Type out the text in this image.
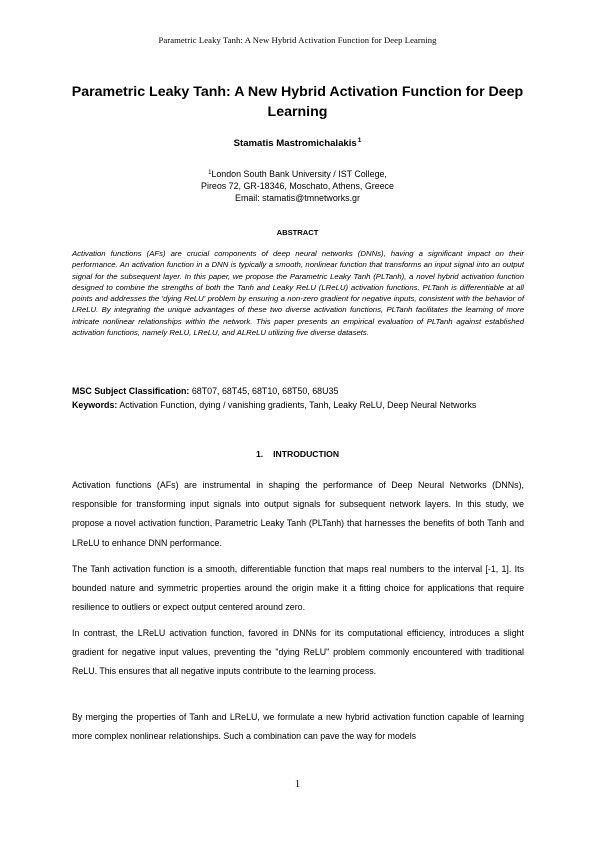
Parametric Leaky Tanh: A New Hybrid Activation Function for Deep Learning
Parametric Leaky Tanh: A New Hybrid Activation Function for Deep Learning
Stamatis Mastromichalakis$^1$
$^1$London South Bank University / IST College,
Pireos 72, GR-18346, Moschato, Athens, Greece
Email: stamatis@tmnetworks.gr
ABSTRACT

Activation functions (AFs) are crucial components of deep neural networks (DNNs), having a significant impact on their performance. An activation function in a DNN is typically a smooth, nonlinear function that transforms an input signal into an output signal for the subsequent layer. In this paper, we propose the Parametric Leaky Tanh (PLTanh), a novel hybrid activation function designed to combine the strengths of both the Tanh and Leaky ReLU (LReLU) activation functions. PLTanh is differentiable at all points and addresses the 'dying ReLU' problem by ensuring a non-zero gradient for negative inputs, consistent with the behavior of LReLU. By integrating the unique advantages of these two diverse activation functions, PLTanh facilitates the learning of more intricate nonlinear relationships within the network. This paper presents an empirical evaluation of PLTanh against established activation functions, namely ReLU, LReLU, and ALReLU utilizing five diverse datasets.

MSC Subject Classification: 68T07, 68T45, 68T10, 68T50, 68U35
Keywords: Activation Function, dying / vanishing gradients, Tanh, Leaky ReLU, Deep Neural Networks
1. INTRODUCTION

Activation functions (AFs) are instrumental in shaping the performance of Deep Neural Networks (DNNs), responsible for transforming input signals into output signals for subsequent network layers. In this study, we propose a novel activation function, Parametric Leaky Tanh (PLTanh) that harnesses the benefits of both Tanh and LReLU to enhance DNN performance.

The Tanh activation function is a smooth, differentiable function that maps real numbers to the interval [-1, 1]. Its bounded nature and symmetric properties around the origin make it a fitting choice for applications that require resilience to outliers or expect output centered around zero.

In contrast, the LReLU activation function, favored in DNNs for its computational efficiency, introduces a slight gradient for negative input values, preventing the "dying ReLU" problem commonly encountered with traditional ReLU. This ensures that all negative inputs contribute to the learning process.

By merging the properties of Tanh and LReLU, we formulate a new hybrid activation function capable of learning more complex nonlinear relationships. Such a combination can pave the way for models

1
